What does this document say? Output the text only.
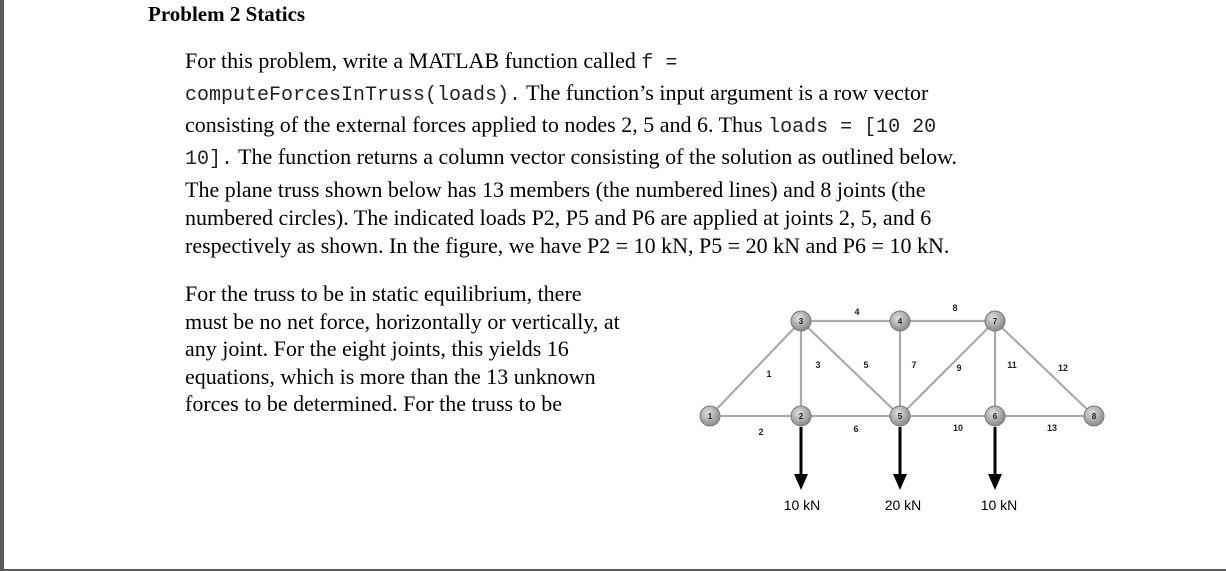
Problem 2 Statics
For this problem, write a MATLAB function called f =
computeForcesInTruss(loads). The function’s input argument is a row vector
consisting of the external forces applied to nodes 2, 5 and 6. Thus loads = [10 20
10]. The function returns a column vector consisting of the solution as outlined below.
The plane truss shown below has 13 members (the numbered lines) and 8 joints (the
numbered circles). The indicated loads P2, P5 and P6 are applied at joints 2, 5, and 6
respectively as shown. In the figure, we have P2 = 10 kN, P5 = 20 kN and P6 = 10 kN.
For the truss to be in static equilibrium, there
must be no net force, horizontally or vertically, at
any joint. For the eight joints, this yields 16
equations, which is more than the 13 unknown
forces to be determined. For the truss to be
1
2
3
4
5
6
7
8
9
10
11	12
13
1	2
3	4
5	6
7
8
10 kN	20 kN	10 kN
